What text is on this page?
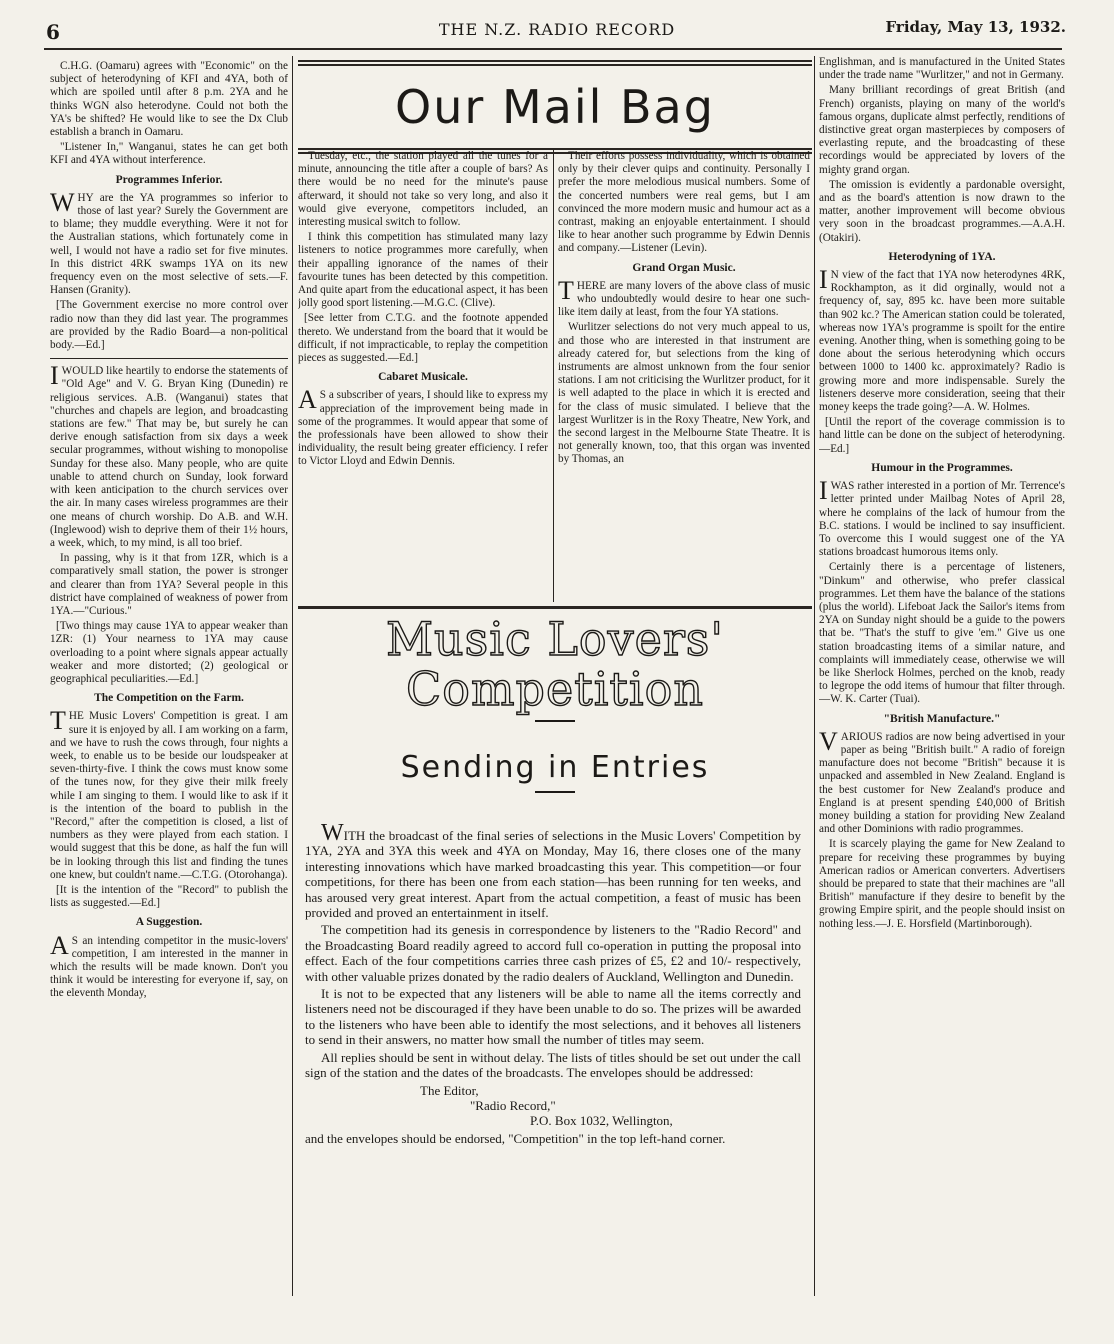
6	THE N.Z. RADIO RECORD	Friday, May 13, 1932.

C.H.G. (Oamaru) agrees with "Economic" on the subject of heterodyning of KFI and 4YA, both of which are spoiled until after 8 p.m. 2YA and he thinks WGN also heterodyne. Could not both the YA's be shifted? He would like to see the Dx Club establish a branch in Oamaru.

"Listener In," Wanganui, states he can get both KFI and 4YA without interference.

Programmes Inferior.

WHY are the YA programmes so inferior to those of last year? Surely the Government are to blame; they muddle everything. Were it not for the Australian stations, which fortunately come in well, I would not have a radio set for five minutes. In this district 4RK swamps 1YA on its new frequency even on the most selective of sets.—F. Hansen (Granity).

[The Government exercise no more control over radio now than they did last year. The programmes are provided by the Radio Board—a non-political body.—Ed.]

IWOULD like heartily to endorse the statements of "Old Age" and V. G. Bryan King (Dunedin) re religious services. A.B. (Wanganui) states that "churches and chapels are legion, and broadcasting stations are few." That may be, but surely he can derive enough satisfaction from six days a week secular programmes, without wishing to monopolise Sunday for these also. Many people, who are quite unable to attend church on Sunday, look forward with keen anticipation to the church services over the air. In many cases wireless programmes are their one means of church worship. Do A.B. and W.H. (Inglewood) wish to deprive them of their 1½ hours, a week, which, to my mind, is all too brief.

In passing, why is it that from 1ZR, which is a comparatively small station, the power is stronger and clearer than from 1YA? Several people in this district have complained of weakness of power from 1YA.—"Curious."

[Two things may cause 1YA to appear weaker than 1ZR: (1) Your nearness to 1YA may cause overloading to a point where signals appear actually weaker and more distorted; (2) geological or geographical peculiarities.—Ed.]

The Competition on the Farm.

THE Music Lovers' Competition is great. I am sure it is enjoyed by all. I am working on a farm, and we have to rush the cows through, four nights a week, to enable us to be beside our loudspeaker at seven-thirty-five. I think the cows must know some of the tunes now, for they give their milk freely while I am singing to them. I would like to ask if it is the intention of the board to publish in the "Record," after the competition is closed, a list of numbers as they were played from each station. I would suggest that this be done, as half the fun will be in looking through this list and finding the tunes one knew, but couldn't name.—C.T.G. (Otorohanga).

[It is the intention of the "Record" to publish the lists as suggested.—Ed.]

A Suggestion.

AS an intending competitor in the music-lovers' competition, I am interested in the manner in which the results will be made known. Don't you think it would be interesting for everyone if, say, on the eleventh Monday,

Our Mail Bag

Tuesday, etc., the station played all the tunes for a minute, announcing the title after a couple of bars? As there would be no need for the minute's pause afterward, it should not take so very long, and also it would give everyone, competitors included, an interesting musical switch to follow.

I think this competition has stimulated many lazy listeners to notice programmes more carefully, when their appalling ignorance of the names of their favourite tunes has been detected by this competition. And quite apart from the educational aspect, it has been jolly good sport listening.—M.G.C. (Clive).

[See letter from C.T.G. and the footnote appended thereto. We understand from the board that it would be difficult, if not impracticable, to replay the competition pieces as suggested.—Ed.]

Cabaret Musicale.

AS a subscriber of years, I should like to express my appreciation of the improvement being made in some of the programmes. It would appear that some of the professionals have been allowed to show their individuality, the result being greater efficiency. I refer to Victor Lloyd and Edwin Dennis.

Their efforts possess individuality, which is obtained only by their clever quips and continuity. Personally I prefer the more melodious musical numbers. Some of the concerted numbers were real gems, but I am convinced the more modern music and humour act as a contrast, making an enjoyable entertainment. I should like to hear another such programme by Edwin Dennis and company.—Listener (Levin).

Grand Organ Music.

THERE are many lovers of the above class of music who undoubtedly would desire to hear one such-like item daily at least, from the four YA stations.

Wurlitzer selections do not very much appeal to us, and those who are interested in that instrument are already catered for, but selections from the king of instruments are almost unknown from the four senior stations. I am not criticising the Wurlitzer product, for it is well adapted to the place in which it is erected and for the class of music simulated. I believe that the largest Wurlitzer is in the Roxy Theatre, New York, and the second largest in the Melbourne State Theatre. It is not generally known, too, that this organ was invented by Thomas, an

Music Lovers'
Competition
Sending in Entries

WITH the broadcast of the final series of selections in the Music Lovers' Competition by 1YA, 2YA and 3YA this week and 4YA on Monday, May 16, there closes one of the many interesting innovations which have marked broadcasting this year. This competition—or four competitions, for there has been one from each station—has been running for ten weeks, and has aroused very great interest. Apart from the actual competition, a feast of music has been provided and proved an entertainment in itself.

The competition had its genesis in correspondence by listeners to the "Radio Record" and the Broadcasting Board readily agreed to accord full co-operation in putting the proposal into effect. Each of the four competitions carries three cash prizes of £5, £2 and 10/- respectively, with other valuable prizes donated by the radio dealers of Auckland, Wellington and Dunedin.

It is not to be expected that any listeners will be able to name all the items correctly and listeners need not be discouraged if they have been unable to do so. The prizes will be awarded to the listeners who have been able to identify the most selections, and it behoves all listeners to send in their answers, no matter how small the number of titles may seem.

All replies should be sent in without delay. The lists of titles should be set out under the call sign of the station and the dates of the broadcasts. The envelopes should be addressed:

The Editor,
"Radio Record,"
P.O. Box 1032, Wellington,

and the envelopes should be endorsed, "Competition" in the top left-hand corner.

Englishman, and is manufactured in the United States under the trade name "Wurlitzer," and not in Germany.

Many brilliant recordings of great British (and French) organists, playing on many of the world's famous organs, duplicate almst perfectly, renditions of distinctive great organ masterpieces by composers of everlasting repute, and the broadcasting of these recordings would be appreciated by lovers of the mighty grand organ.

The omission is evidently a pardonable oversight, and as the board's attention is now drawn to the matter, another improvement will become obvious very soon in the broadcast programmes.—A.A.H. (Otakiri).

Heterodyning of 1YA.

IN view of the fact that 1YA now heterodynes 4RK, Rockhampton, as it did orginally, would not a frequency of, say, 895 kc. have been more suitable than 902 kc.? The American station could be tolerated, whereas now 1YA's programme is spoilt for the entire evening. Another thing, when is something going to be done about the serious heterodyning which occurs between 1000 to 1400 kc. approximately? Radio is growing more and more indispensable. Surely the listeners deserve more consideration, seeing that their money keeps the trade going?—A. W. Holmes.

[Until the report of the coverage commission is to hand little can be done on the subject of heterodyning.—Ed.]

Humour in the Programmes.

IWAS rather interested in a portion of Mr. Terrence's letter printed under Mailbag Notes of April 28, where he complains of the lack of humour from the B.C. stations. I would be inclined to say insufficient. To overcome this I would suggest one of the YA stations broadcast humorous items only.

Certainly there is a percentage of listeners, "Dinkum" and otherwise, who prefer classical programmes. Let them have the balance of the stations (plus the world). Lifeboat Jack the Sailor's items from 2YA on Sunday night should be a guide to the powers that be. "That's the stuff to give 'em." Give us one station broadcasting items of a similar nature, and complaints will immediately cease, otherwise we will be like Sherlock Holmes, perched on the knob, ready to legrope the odd items of humour that filter through.—W. K. Carter (Tuai).

"British Manufacture."

VARIOUS radios are now being advertised in your paper as being "British built." A radio of foreign manufacture does not become "British" because it is unpacked and assembled in New Zealand. England is the best customer for New Zealand's produce and England is at present spending £40,000 of British money building a station for providing New Zealand and other Dominions with radio programmes.

It is scarcely playing the game for New Zealand to prepare for receiving these programmes by buying American radios or American converters. Advertisers should be prepared to state that their machines are "all British" manufacture if they desire to benefit by the growing Empire spirit, and the people should insist on nothing less.—J. E. Horsfield (Martinborough).
